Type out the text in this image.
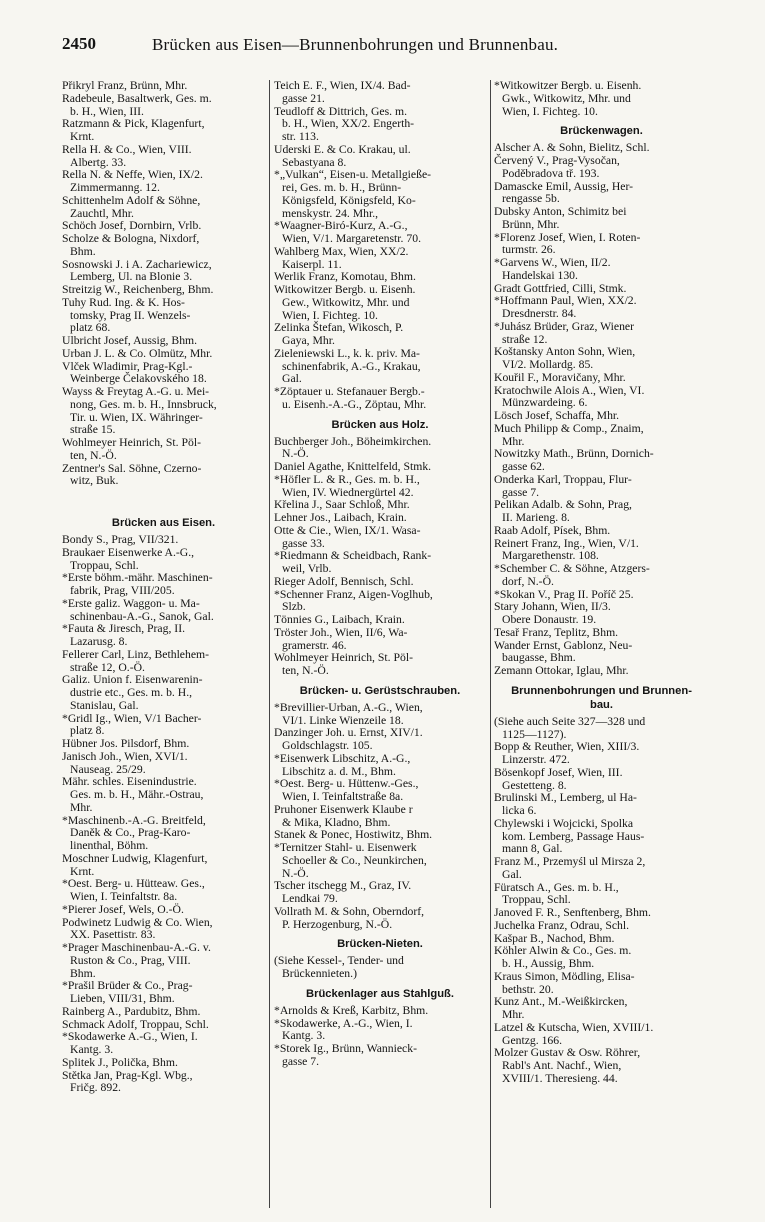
2450	Brücken aus Eisen—Brunnenbohrungen und Brunnenbau.
Přikryl Franz, Brünn, Mhr.
Radebeule, Basaltwerk, Ges. m.
b. H., Wien, III.
Ratzmann & Pick, Klagenfurt,
Krnt.
Rella H. & Co., Wien, VIII.
Albertg. 33.
Rella N. & Neffe, Wien, IX/2.
Zimmermanng. 12.
Schittenhelm Adolf & Söhne,
Zauchtl, Mhr.
Schöch Josef, Dornbirn, Vrlb.
Scholze & Bologna, Nixdorf,
Bhm.
Sosnowski J. i A. Zachariewicz,
Lemberg, Ul. na Blonie 3.
Streitzig W., Reichenberg, Bhm.
Tuhy Rud. Ing. & K. Hos-
tomsky, Prag II. Wenzels-
platz 68.
Ulbricht Josef, Aussig, Bhm.
Urban J. L. & Co. Olmütz, Mhr.
Vlček Wladimir, Prag-Kgl.-
Weinberge Čelakovského 18.
Wayss & Freytag A.-G. u. Mei-
nong, Ges. m. b. H., Innsbruck,
Tir. u. Wien, IX. Währinger-
straße 15.
Wohlmeyer Heinrich, St. Pöl-
ten, N.-Ö.
Zentner's Sal. Söhne, Czerno-
witz, Buk.
Brücken aus Eisen.
Bondy S., Prag, VII/321.
Braukaer Eisenwerke A.-G.,
Troppau, Schl.
*Erste böhm.-mähr. Maschinen-
fabrik, Prag, VIII/205.
*Erste galiz. Waggon- u. Ma-
schinenbau-A.-G., Sanok, Gal.
*Fauta & Jiresch, Prag, II.
Lazarusg. 8.
Fellerer Carl, Linz, Bethlehem-
straße 12, O.-Ö.
Galiz. Union f. Eisenwarenin-
dustrie etc., Ges. m. b. H.,
Stanislau, Gal.
*Gridl Ig., Wien, V/1 Bacher-
platz 8.
Hübner Jos. Pilsdorf, Bhm.
Janisch Joh., Wien, XVI/1.
Nauseag. 25/29.
Mähr. schles. Eisenindustrie.
Ges. m. b. H., Mähr.-Ostrau,
Mhr.
*Maschinenb.-A.-G. Breitfeld,
Daněk & Co., Prag-Karo-
linenthal, Böhm.
Moschner Ludwig, Klagenfurt,
Krnt.
*Oest. Berg- u. Hütteaw. Ges.,
Wien, I. Teinfaltstr. 8a.
*Pierer Josef, Wels, O.-Ö.
Podwinetz Ludwig & Co. Wien,
XX. Pasettistr. 83.
*Prager Maschinenbau-A.-G. v.
Ruston & Co., Prag, VIII.
Bhm.
*Prašil Brüder & Co., Prag-
Lieben, VIII/31, Bhm.
Rainberg A., Pardubitz, Bhm.
Schmack Adolf, Troppau, Schl.
*Skodawerke A.-G., Wien, I.
Kantg. 3.
Splitek J., Polička, Bhm.
Stětka Jan, Prag-Kgl. Wbg.,
Fričg. 892.
Teich E. F., Wien, IX/4. Bad-
gasse 21.
Teudloff & Dittrich, Ges. m.
b. H., Wien, XX/2. Engerth-
str. 113.
Uderski E. & Co. Krakau, ul.
Sebastyana 8.
*„Vulkan“, Eisen-u. Metallgieße-
rei, Ges. m. b. H., Brünn-
Königsfeld, Königsfeld, Ko-
menskystr. 24. Mhr.,
*Waagner-Biró-Kurz, A.-G.,
Wien, V/1. Margaretenstr. 70.
Wahlberg Max, Wien, XX/2.
Kaiserpl. 11.
Werlik Franz, Komotau, Bhm.
Witkowitzer Bergb. u. Eisenh.
Gew., Witkowitz, Mhr. und
Wien, I. Fichteg. 10.
Zelinka Štefan, Wikosch, P.
Gaya, Mhr.
Zieleniewski L., k. k. priv. Ma-
schinenfabrik, A.-G., Krakau,
Gal.
*Zöptauer u. Stefanauer Bergb.-
u. Eisenh.-A.-G., Zöptau, Mhr.
Brücken aus Holz.
Buchberger Joh., Böheimkirchen.
N.-Ö.
Daniel Agathe, Knittelfeld, Stmk.
*Höfler L. & R., Ges. m. b. H.,
Wien, IV. Wiednergürtel 42.
Křelina J., Saar Schloß, Mhr.
Lehner Jos., Laibach, Krain.
Otte & Cie., Wien, IX/1. Wasa-
gasse 33.
*Riedmann & Scheidbach, Rank-
weil, Vrlb.
Rieger Adolf, Bennisch, Schl.
*Schenner Franz, Aigen-Voglhub,
Slzb.
Tönnies G., Laibach, Krain.
Tröster Joh., Wien, II/6, Wa-
gramerstr. 46.
Wohlmeyer Heinrich, St. Pöl-
ten, N.-Ö.
Brücken- u. Gerüstschrauben.
*Brevillier-Urban, A.-G., Wien,
VI/1. Linke Wienzeile 18.
Danzinger Joh. u. Ernst, XIV/1.
Goldschlagstr. 105.
*Eisenwerk Libschitz, A.-G.,
Libschitz a. d. M., Bhm.
*Oest. Berg- u. Hüttenw.-Ges.,
Wien, I. Teinfaltstraße 8a.
Pruhoner Eisenwerk Klaube r
& Mika, Kladno, Bhm.
Stanek & Ponec, Hostiwitz, Bhm.
*Ternitzer Stahl- u. Eisenwerk
Schoeller & Co., Neunkirchen,
N.-Ö.
Tscher itschegg M., Graz, IV.
Lendkai 79.
Vollrath M. & Sohn, Oberndorf,
P. Herzogenburg, N.-Ö.
Brücken-Nieten.
(Siehe Kessel-, Tender- und
Brückennieten.)
Brückenlager aus Stahlguß.
*Arnolds & Kreß, Karbitz, Bhm.
*Skodawerke, A.-G., Wien, I.
Kantg. 3.
*Storek Ig., Brünn, Wannieck-
gasse 7.
*Witkowitzer Bergb. u. Eisenh.
Gwk., Witkowitz, Mhr. und
Wien, I. Fichteg. 10.
Brückenwagen.
Alscher A. & Sohn, Bielitz, Schl.
Červený V., Prag-Vysočan,
Poděbradova tř. 193.
Damascke Emil, Aussig, Her-
rengasse 5b.
Dubsky Anton, Schimitz bei
Brünn, Mhr.
*Florenz Josef, Wien, I. Roten-
turmstr. 26.
*Garvens W., Wien, II/2.
Handelskai 130.
Gradt Gottfried, Cilli, Stmk.
*Hoffmann Paul, Wien, XX/2.
Dresdnerstr. 84.
*Juhász Brüder, Graz, Wiener
straße 12.
Koštansky Anton Sohn, Wien,
VI/2. Mollardg. 85.
Kouřil F., Moravičany, Mhr.
Kratochwile Alois A., Wien, VI.
Münzwardeing. 6.
Lösch Josef, Schaffa, Mhr.
Much Philipp & Comp., Znaim,
Mhr.
Nowitzky Math., Brünn, Dornich-
gasse 62.
Onderka Karl, Troppau, Flur-
gasse 7.
Pelikan Adalb. & Sohn, Prag,
II. Marieng. 8.
Raab Adolf, Písek, Bhm.
Reinert Franz, Ing., Wien, V/1.
Margarethenstr. 108.
*Schember C. & Söhne, Atzgers-
dorf, N.-Ö.
*Skokan V., Prag II. Poříč 25.
Stary Johann, Wien, II/3.
Obere Donaustr. 19.
Tesař Franz, Teplitz, Bhm.
Wander Ernst, Gablonz, Neu-
baugasse, Bhm.
Zemann Ottokar, Iglau, Mhr.
Brunnenbohrungen und Brunnen-
bau.
(Siehe auch Seite 327—328 und
1125—1127).
Bopp & Reuther, Wien, XIII/3.
Linzerstr. 472.
Bösenkopf Josef, Wien, III.
Gestetteng. 8.
Brulinski M., Lemberg, ul Ha-
licka 6.
Chylewski i Wojcicki, Spolka
kom. Lemberg, Passage Haus-
mann 8, Gal.
Franz M., Przemyśl ul Mirsza 2,
Gal.
Füratsch A., Ges. m. b. H.,
Troppau, Schl.
Janoved F. R., Senftenberg, Bhm.
Juchelka Franz, Odrau, Schl.
Kašpar B., Nachod, Bhm.
Köhler Alwin & Co., Ges. m.
b. H., Aussig, Bhm.
Kraus Simon, Mödling, Elisa-
bethstr. 20.
Kunz Ant., M.-Weißkircken,
Mhr.
Latzel & Kutscha, Wien, XVIII/1.
Gentzg. 166.
Molzer Gustav & Osw. Röhrer,
Rabl's Ant. Nachf., Wien,
XVIII/1. Theresieng. 44.
